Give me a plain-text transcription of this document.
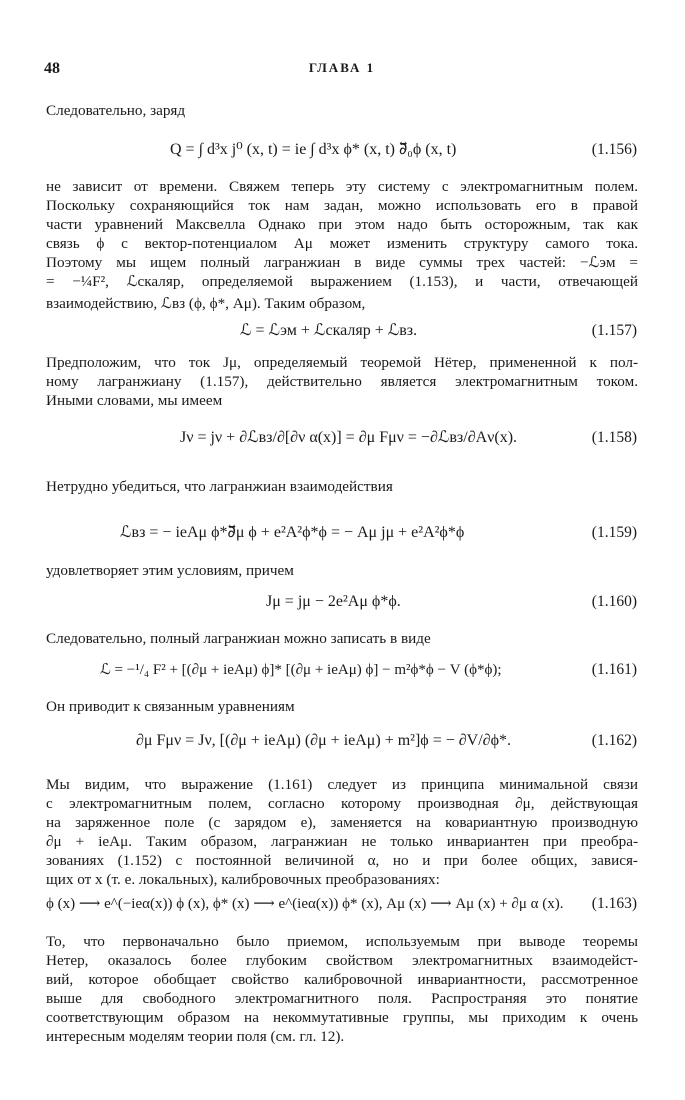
48	ГЛАВА 1
Следовательно, заряд
Q = ∫ d³x j⁰ (x, t) = ie ∫ d³x ϕ* (x, t) ∂⃡₀ϕ (x, t)	(1.156)
не зависит от времени. Свяжем теперь эту систему с электромагнитным полем.
Поскольку сохраняющийся ток нам задан, можно использовать его в правой
части уравнений Максвелла Однако при этом надо быть осторожным, так как
связь ϕ с вектор-потенциалом Aμ может изменить структуру самого тока.
Поэтому мы ищем полный лагранжиан в виде суммы трех частей: −ℒэм =
= −¼F², ℒскаляр, определяемой выражением (1.153), и части, отвечающей
взаимодействию, ℒвз (ϕ, ϕ*, Aμ). Таким образом,
ℒ = ℒэм + ℒскаляр + ℒвз.	(1.157)
Предположим, что ток Jμ, определяемый теоремой Нётер, примененной к пол-
ному лагранжиану (1.157), действительно является электромагнитным током.
Иными словами, мы имеем
Jν = jν + ∂ℒвз/∂[∂ν α(x)] = ∂μ Fμν = −∂ℒвз/∂Aν(x).	(1.158)
Нетрудно убедиться, что лагранжиан взаимодействия
ℒвз = − ieAμ ϕ*∂⃡μ ϕ + e²A²ϕ*ϕ = − Aμ jμ + e²A²ϕ*ϕ	(1.159)
удовлетворяет этим условиям, причем
Jμ = jμ − 2e²Aμ ϕ*ϕ.	(1.160)
Следовательно, полный лагранжиан можно записать в виде
ℒ = −¹/₄ F² + [(∂μ + ieAμ) ϕ]* [(∂μ + ieAμ) ϕ] − m²ϕ*ϕ − V (ϕ*ϕ);	(1.161)
Он приводит к связанным уравнениям
∂μ Fμν = Jν, [(∂μ + ieAμ) (∂μ + ieAμ) + m²]ϕ = − ∂V/∂ϕ*.	(1.162)
Мы видим, что выражение (1.161) следует из принципа минимальной связи
с электромагнитным полем, согласно которому производная ∂μ, действующая
на заряженное поле (с зарядом e), заменяется на ковариантную производную
∂μ + ieAμ. Таким образом, лагранжиан не только инвариантен при преобра-
зованиях (1.152) с постоянной величиной α, но и при более общих, завися-
щих от x (т. е. локальных), калибровочных преобразованиях:
ϕ (x) ⟶ e^(−ieα(x)) ϕ (x), ϕ* (x) ⟶ e^(ieα(x)) ϕ* (x), Aμ (x) ⟶ Aμ (x) + ∂μ α (x). (1.163)
То, что первоначально было приемом, используемым при выводе теоремы
Нетер, оказалось более глубоким свойством электромагнитных взаимодейст-
вий, которое обобщает свойство калибровочной инвариантности, рассмотренное
выше для свободного электромагнитного поля. Распространяя это понятие
соответствующим образом на некоммутативные группы, мы приходим к очень
интересным моделям теории поля (см. гл. 12).
